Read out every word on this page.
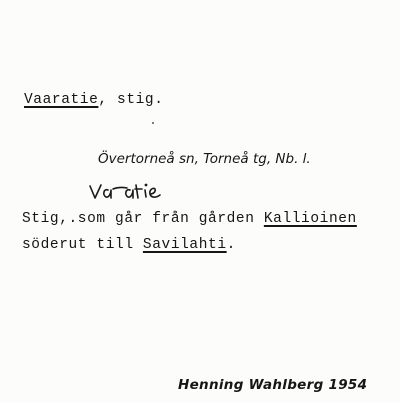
Vaaratie, stig.
Övertorneå sn, Torneå tg, Nb. l.
Stig,.som går från gården Kallioinen
söderut till Savilahti.
Henning Wahlberg 1954
